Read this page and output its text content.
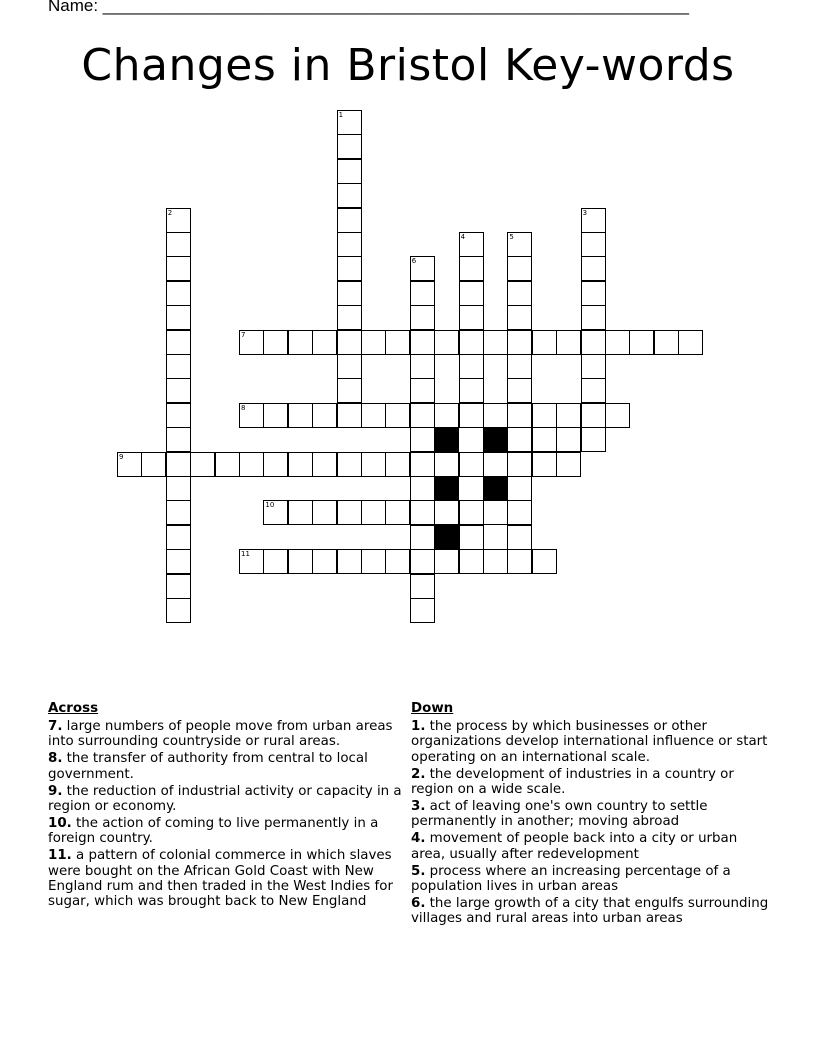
Name: ______________________________________________________________
Changes in Bristol Key-words
1
2	3
4	5
6
7
8
9
10
11
Across
7. large numbers of people move from urban areas into surrounding countryside or rural areas.
8. the transfer of authority from central to local government.
9. the reduction of industrial activity or capacity in a region or economy.
10. the action of coming to live permanently in a foreign country.
11. a pattern of colonial commerce in which slaves were bought on the African Gold Coast with New England rum and then traded in the West Indies for sugar, which was brought back to New England
Down
1. the process by which businesses or other organizations develop international influence or start operating on an international scale.
2. the development of industries in a country or region on a wide scale.
3. act of leaving one's own country to settle permanently in another; moving abroad
4. movement of people back into a city or urban area, usually after redevelopment
5. process where an increasing percentage of a population lives in urban areas
6. the large growth of a city that engulfs surrounding villages and rural areas into urban areas
